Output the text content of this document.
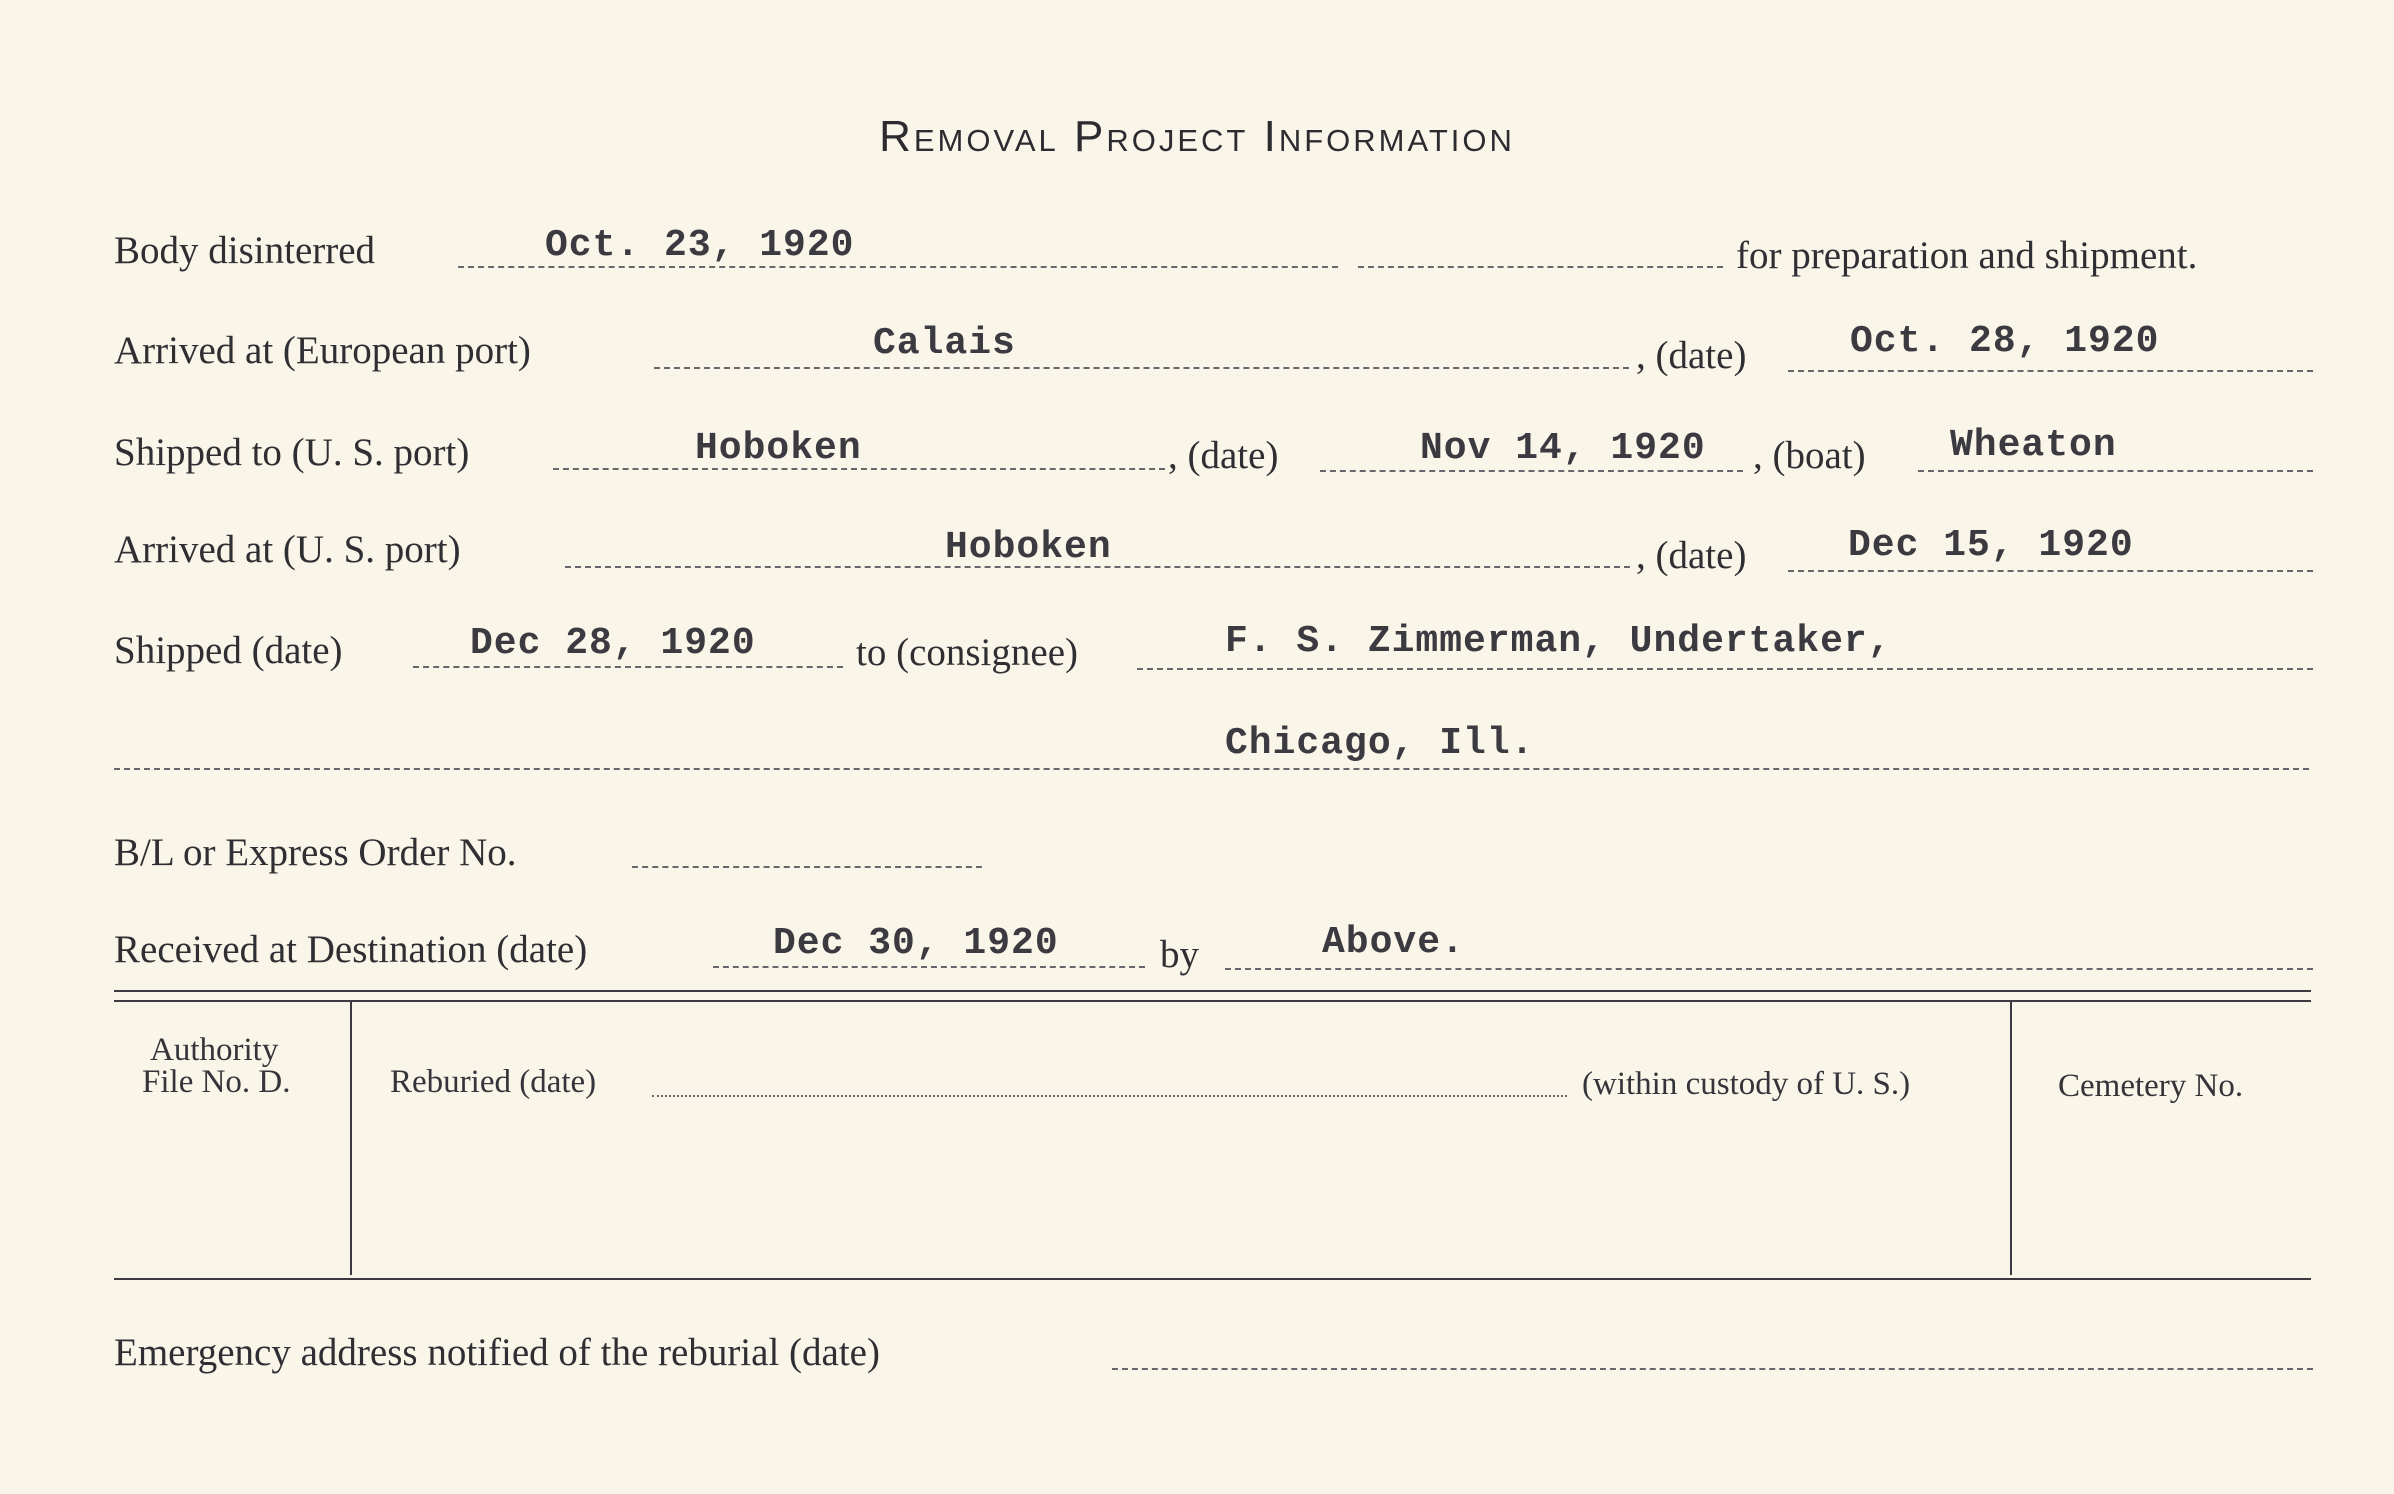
Removal Project Information
Body disinterred	Oct. 23, 1920	for preparation and shipment.
Arrived at (European port)	Calais	, (date)	Oct. 28, 1920
Shipped to (U. S. port)	Hoboken	, (date)	Nov 14, 1920 , (boat) Wheaton
Arrived at (U. S. port)	Hoboken	, (date)	Dec 15, 1920
Shipped (date)	Dec 28, 1920	to (consignee)	F. S. Zimmerman, Undertaker,
Chicago, Ill.
B/L or Express Order No.
Received at Destination (date)	Dec 30, 1920	by	Above.
Authority
File No. D.	Reburied (date)	(within custody of U. S.)	Cemetery No.
Emergency address notified of the reburial (date)
